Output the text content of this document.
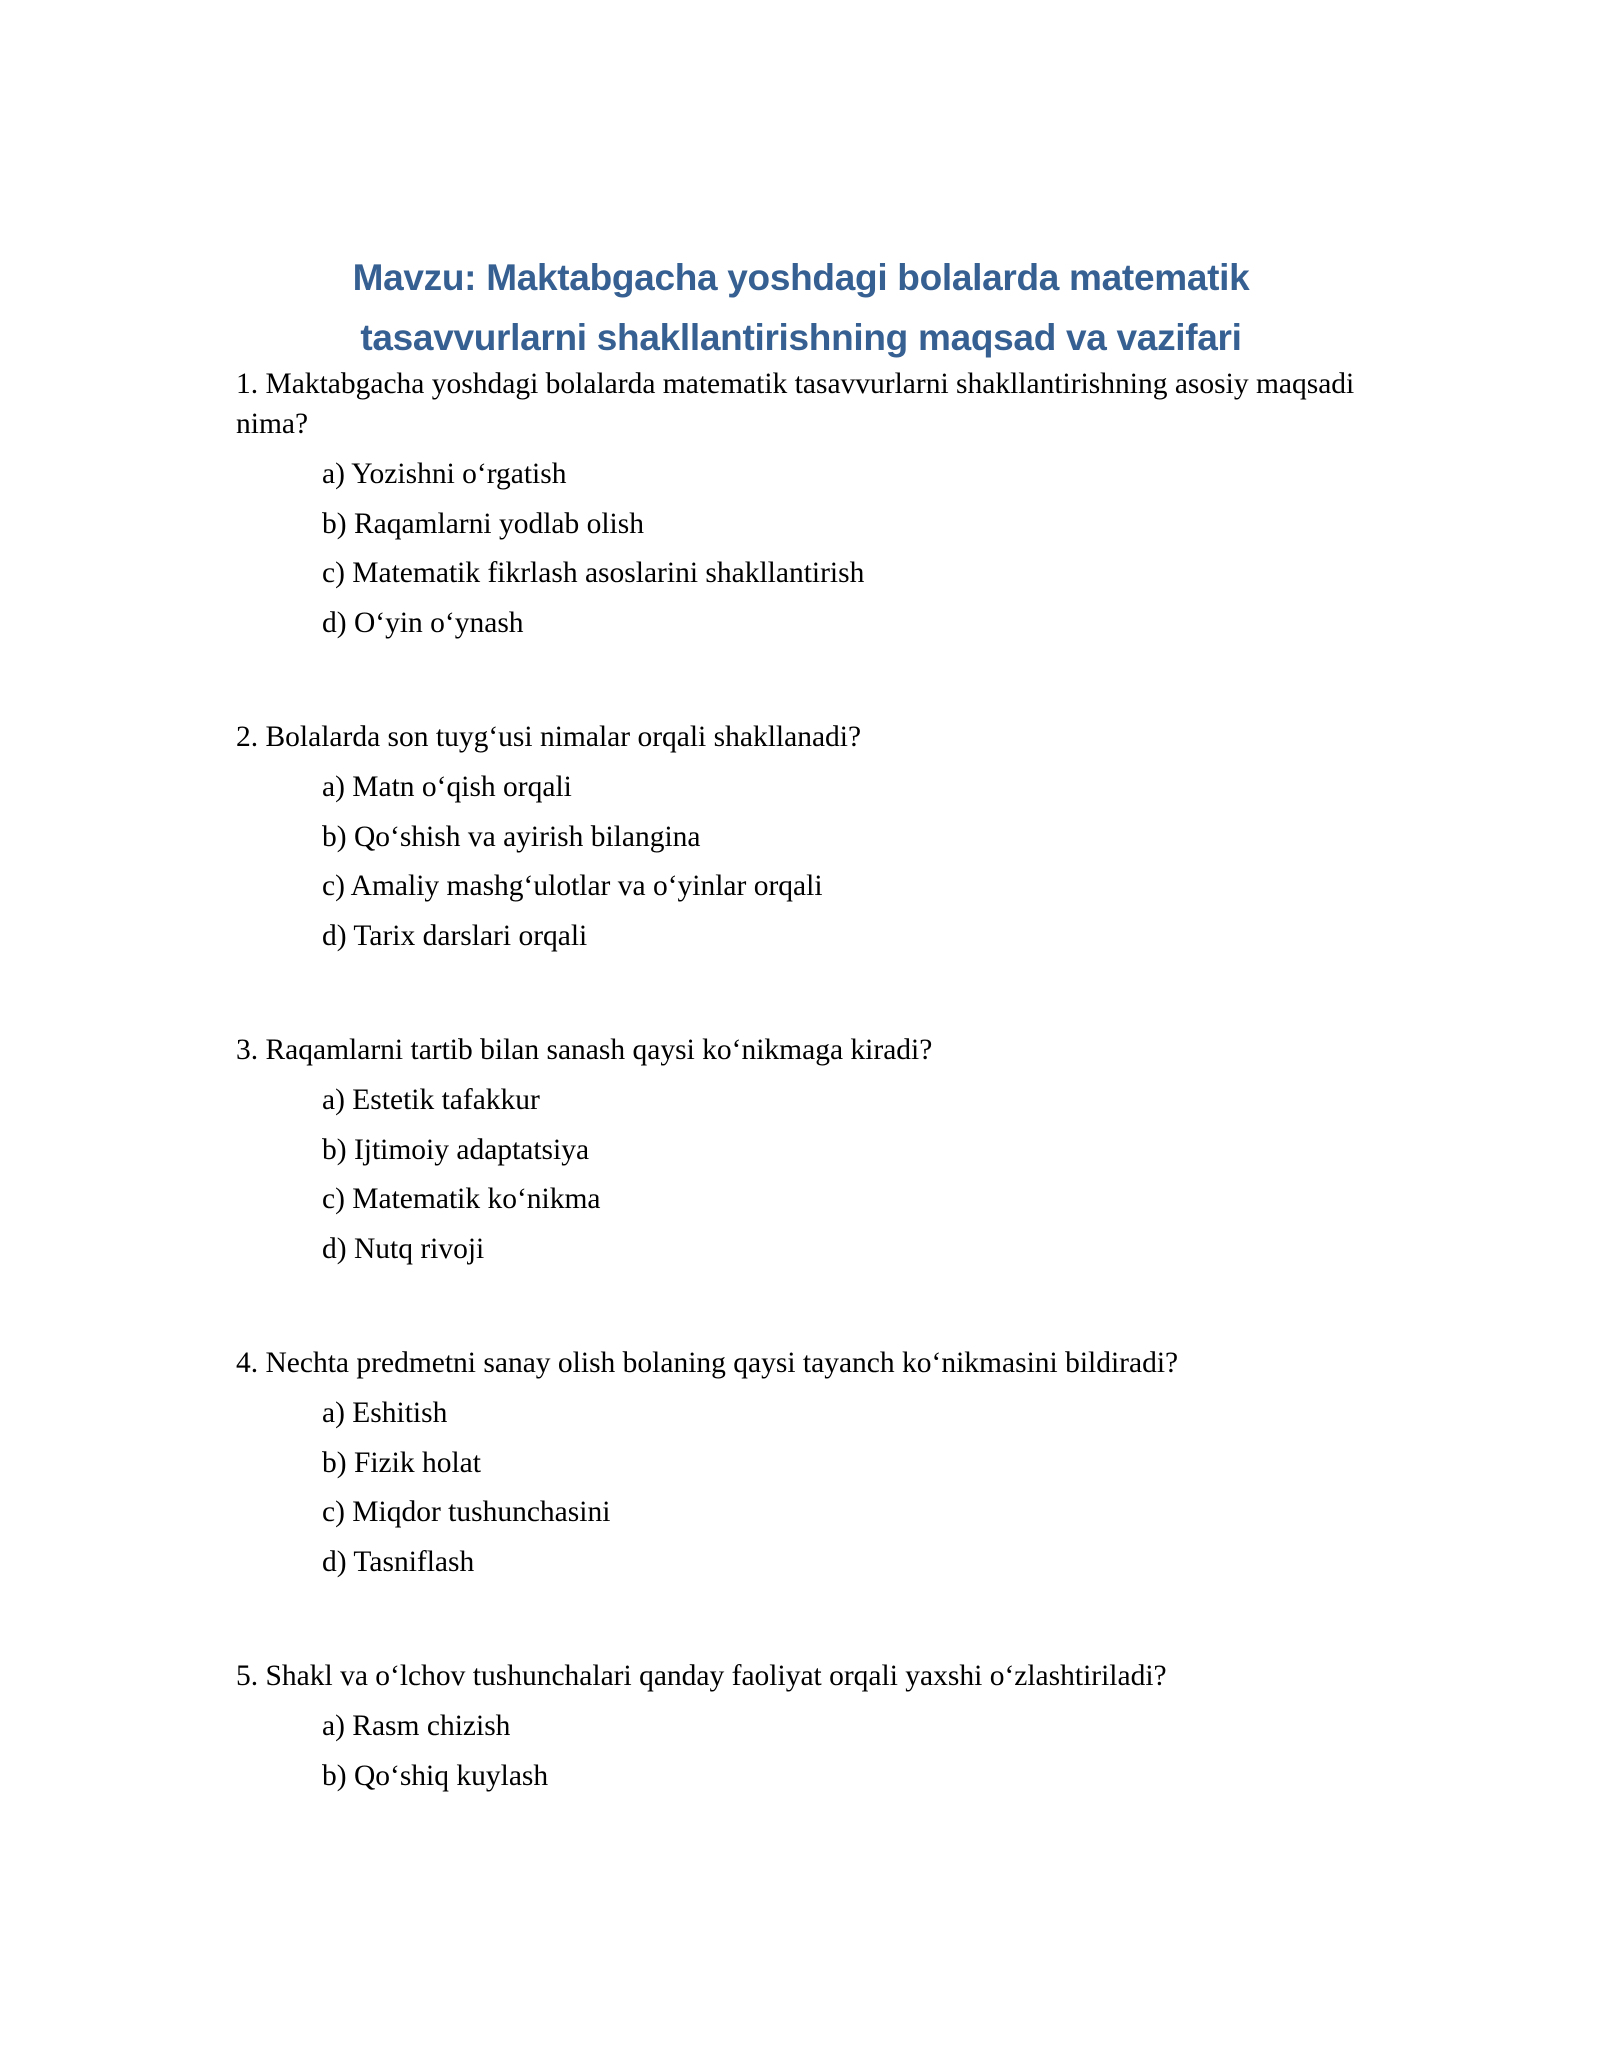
Mavzu: Maktabgacha yoshdagi bolalarda matematik
tasavvurlarni shakllantirishning maqsad va vazifari

1. Maktabgacha yoshdagi bolalarda matematik tasavvurlarni shakllantirishning asosiy maqsadi nima?

a) Yozishni o‘rgatish
b) Raqamlarni yodlab olish
c) Matematik fikrlash asoslarini shakllantirish
d) O‘yin o‘ynash

2. Bolalarda son tuyg‘usi nimalar orqali shakllanadi?

a) Matn o‘qish orqali
b) Qo‘shish va ayirish bilangina
c) Amaliy mashg‘ulotlar va o‘yinlar orqali
d) Tarix darslari orqali

3. Raqamlarni tartib bilan sanash qaysi ko‘nikmaga kiradi?

a) Estetik tafakkur
b) Ijtimoiy adaptatsiya
c) Matematik ko‘nikma
d) Nutq rivoji

4. Nechta predmetni sanay olish bolaning qaysi tayanch ko‘nikmasini bildiradi?

a) Eshitish
b) Fizik holat
c) Miqdor tushunchasini
d) Tasniflash

5. Shakl va o‘lchov tushunchalari qanday faoliyat orqali yaxshi o‘zlashtiriladi?

a) Rasm chizish
b) Qo‘shiq kuylash
